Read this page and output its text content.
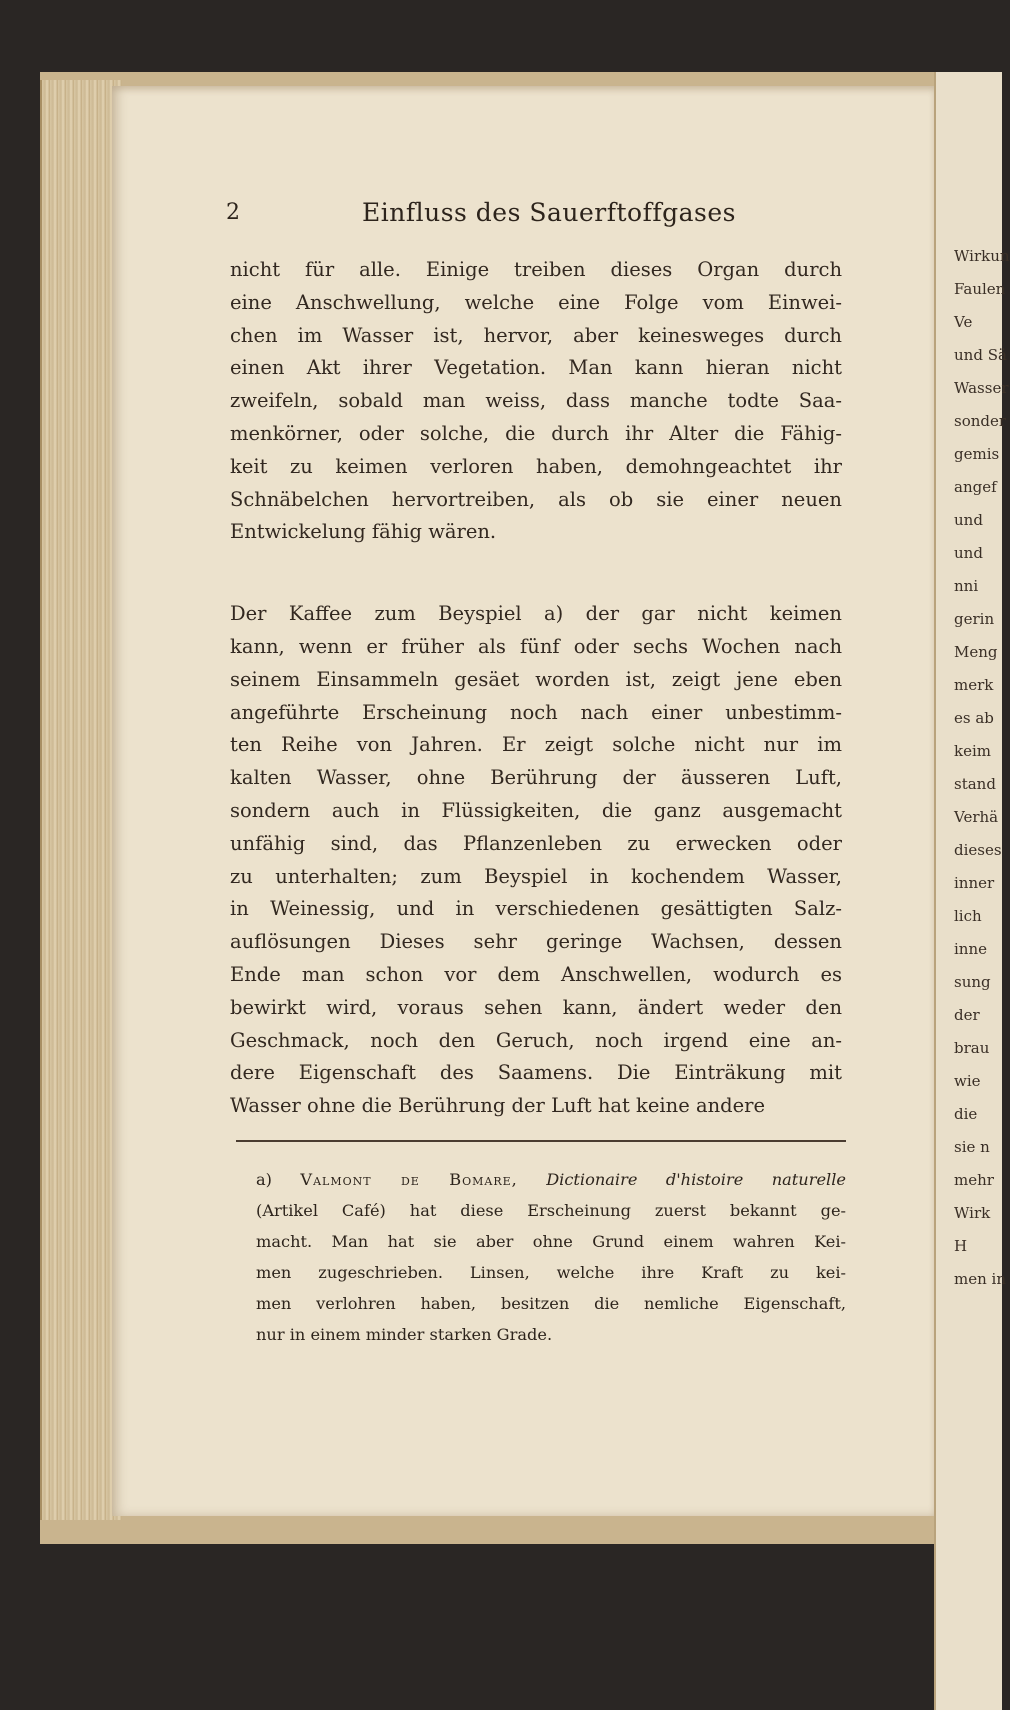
Wirkun
Faulen
Ve
und Sä
Wasser
sonder
gemis
angef
und
und
nni
gerin
Meng
merk
es ab
keim
stand
Verhä
dieses
inner
lich
inne
sung
der
brau
wie
die
sie n
mehr
Wirk
H
men in
2	Einfluss des Sauerftoffgases
nicht für alle. Einige treiben dieses Organ durch
eine Anschwellung, welche eine Folge vom Einwei-
chen im Wasser ist, hervor, aber keinesweges durch
einen Akt ihrer Vegetation. Man kann hieran nicht
zweifeln, sobald man weiss, dass manche todte Saa-
menkörner, oder solche, die durch ihr Alter die Fähig-
keit zu keimen verloren haben, demohngeachtet ihr
Schnäbelchen hervortreiben, als ob sie einer neuen
Entwickelung fähig wären.
Der Kaffee zum Beyspiel a) der gar nicht keimen
kann, wenn er früher als fünf oder sechs Wochen nach
seinem Einsammeln gesäet worden ist, zeigt jene eben
angeführte Erscheinung noch nach einer unbestimm-
ten Reihe von Jahren. Er zeigt solche nicht nur im
kalten Wasser, ohne Berührung der äusseren Luft,
sondern auch in Flüssigkeiten, die ganz ausgemacht
unfähig sind, das Pflanzenleben zu erwecken oder
zu unterhalten; zum Beyspiel in kochendem Wasser,
in Weinessig, und in verschiedenen gesättigten Salz-
auflösungen Dieses sehr geringe Wachsen, dessen
Ende man schon vor dem Anschwellen, wodurch es
bewirkt wird, voraus sehen kann, ändert weder den
Geschmack, noch den Geruch, noch irgend eine an-
dere Eigenschaft des Saamens. Die Einträkung mit
Wasser ohne die Berührung der Luft hat keine andere
a) Valmont de Bomare, Dictionaire d'histoire naturelle
(Artikel Café) hat diese Erscheinung zuerst bekannt ge-
macht. Man hat sie aber ohne Grund einem wahren Kei-
men zugeschrieben. Linsen, welche ihre Kraft zu kei-
men verlohren haben, besitzen die nemliche Eigenschaft,
nur in einem minder starken Grade.
